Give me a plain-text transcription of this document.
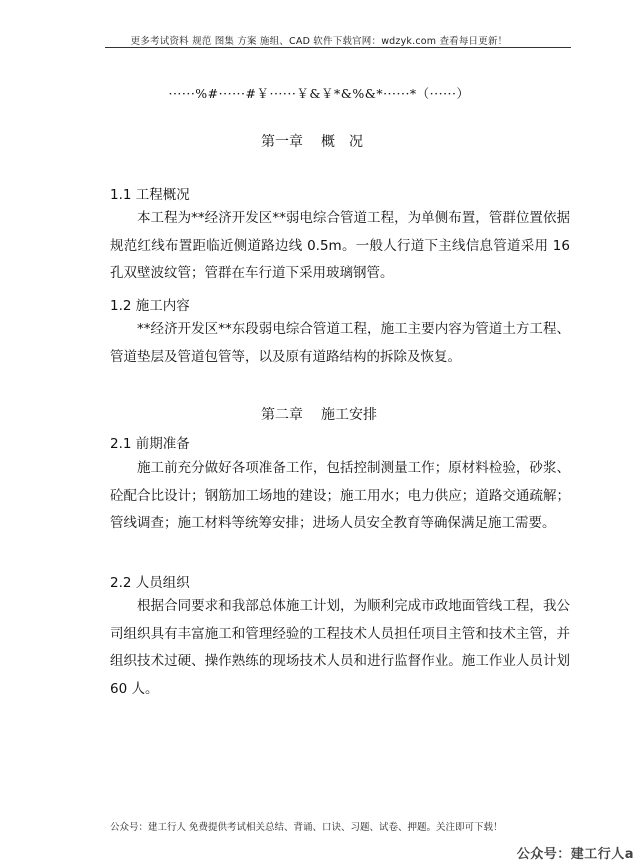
更多考试资料 规范 图集 方案 施组、CAD 软件下载官网：wdzyk.com 查看每日更新！
······%#······#￥······￥&￥*&%&*······*（······）
第一章 概况
1.1 工程概况
本工程为**经济开发区**弱电综合管道工程，为单侧布置，管群位置依据规范红线布置距临近侧道路边线 0.5m。一般人行道下主线信息管道采用 16 孔双壁波纹管；管群在车行道下采用玻璃钢管。
1.2 施工内容
**经济开发区**东段弱电综合管道工程，施工主要内容为管道土方工程、管道垫层及管道包管等，以及原有道路结构的拆除及恢复。
第二章 施工安排
2.1 前期准备
施工前充分做好各项准备工作，包括控制测量工作；原材料检验，砂浆、砼配合比设计；钢筋加工场地的建设；施工用水；电力供应；道路交通疏解；管线调查；施工材料等统筹安排；进场人员安全教育等确保满足施工需要。
2.2 人员组织
根据合同要求和我部总体施工计划，为顺利完成市政地面管线工程，我公司组织具有丰富施工和管理经验的工程技术人员担任项目主管和技术主管，并组织技术过硬、操作熟练的现场技术人员和进行监督作业。施工作业人员计划 60 人。
公众号：建工行人 免费提供考试相关总结、背诵、口诀、习题、试卷、押题。关注即可下载！
公众号：建工行人a
